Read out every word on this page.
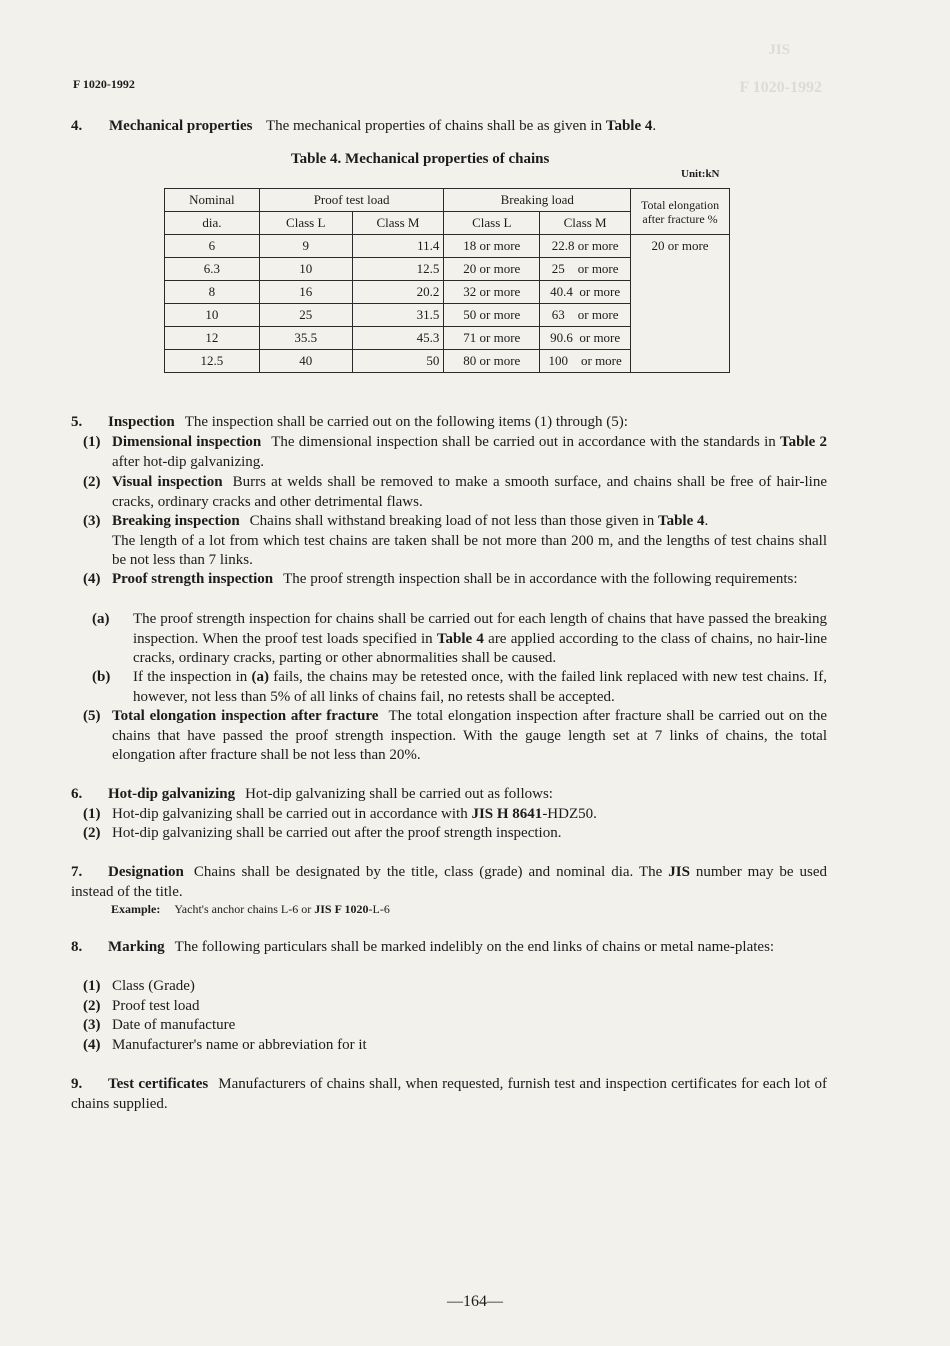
JIS
F 1020-1992
F 1020-1992
4. Mechanical properties The mechanical properties of chains shall be as given in Table 4.
Table 4. Mechanical properties of chains
Unit:kN
Nominal	Proof test load		Breaking load		Total elongation after fracture %
dia.	Class L	Class M	Class L	Class M	
6	9	11.4	18 or more	22.8 or more	20 or more
6.3	10	12.5	20 or more	25    or more	
8	16	20.2	32 or more	40.4  or more	
10	25	31.5	50 or more	63    or more	
12	35.5	45.3	71 or more	90.6  or more	
12.5	40	50	80 or more	100    or more	
5. Inspection The inspection shall be carried out on the following items (1) through (5):
(1) Dimensional inspection The dimensional inspection shall be carried out in accordance with the standards in Table 2 after hot-dip galvanizing.
(2) Visual inspection Burrs at welds shall be removed to make a smooth surface, and chains shall be free of hair-line cracks, ordinary cracks and other detrimental flaws.
(3) Breaking inspection Chains shall withstand breaking load of not less than those given in Table 4.
The length of a lot from which test chains are taken shall be not more than 200 m, and the lengths of test chains shall be not less than 7 links.
(4) Proof strength inspection The proof strength inspection shall be in accordance with the following requirements:
(a) The proof strength inspection for chains shall be carried out for each length of chains that have passed the breaking inspection. When the proof test loads specified in Table 4 are applied according to the class of chains, no hair-line cracks, ordinary cracks, parting or other abnormalities shall be caused.
(b) If the inspection in (a) fails, the chains may be retested once, with the failed link replaced with new test chains. If, however, not less than 5% of all links of chains fail, no retests shall be accepted.
(5) Total elongation inspection after fracture The total elongation inspection after fracture shall be carried out on the chains that have passed the proof strength inspection. With the gauge length set at 7 links of chains, the total elongation after fracture shall be not less than 20%.
6. Hot-dip galvanizing Hot-dip galvanizing shall be carried out as follows:
(1) Hot-dip galvanizing shall be carried out in accordance with JIS H 8641-HDZ50.
(2) Hot-dip galvanizing shall be carried out after the proof strength inspection.
7. Designation Chains shall be designated by the title, class (grade) and nominal dia. The JIS number may be used instead of the title.
Example: Yacht's anchor chains L-6 or JIS F 1020-L-6
8. Marking The following particulars shall be marked indelibly on the end links of chains or metal name-plates:
(1) Class (Grade)
(2) Proof test load
(3) Date of manufacture
(4) Manufacturer's name or abbreviation for it
9. Test certificates Manufacturers of chains shall, when requested, furnish test and inspection certificates for each lot of chains supplied.
—164—
